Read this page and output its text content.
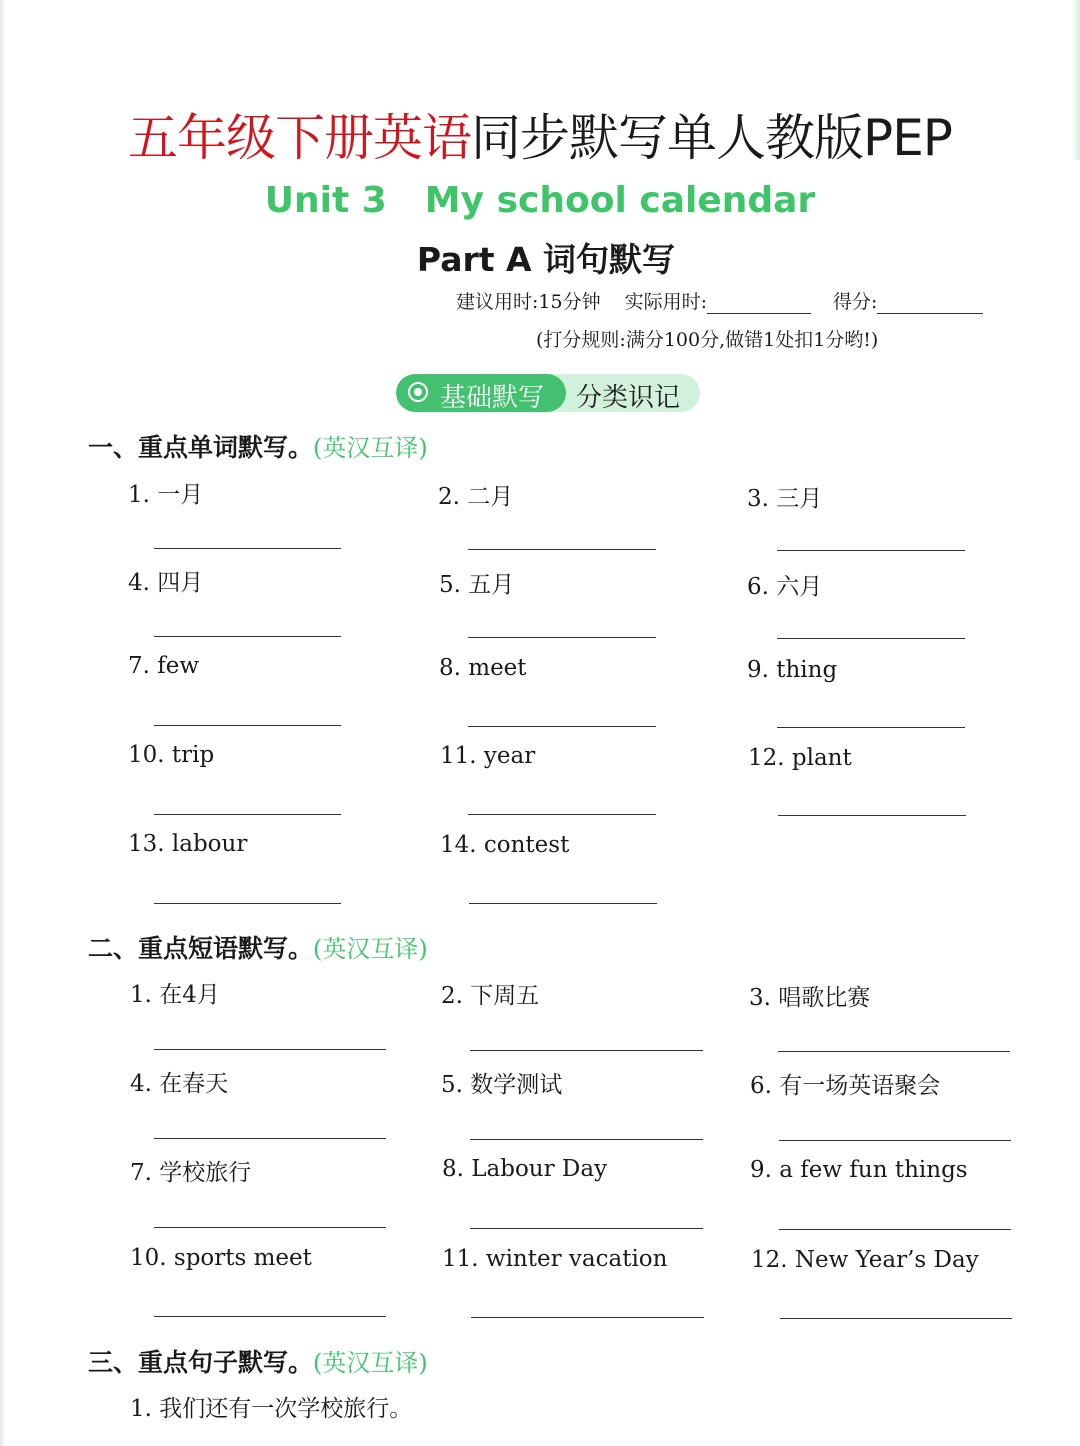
五年级下册英语同步默写单人教版PEP
Unit 3 My school calendar
Part A 词句默写
建议用时:15分钟 实际用时:	得分:
(打分规则:满分100分,做错1处扣1分哟!)
基础默写 分类识记
一、重点单词默写。(英汉互译)
1. 一月	2. 二月	3. 三月
4. 四月	5. 五月	6. 六月
7. few	8. meet	9. thing
10. trip	11. year	12. plant
13. labour	14. contest
二、重点短语默写。(英汉互译)
1. 在4月	2. 下周五	3. 唱歌比赛
4. 在春天	5. 数学测试	6. 有一场英语聚会
7. 学校旅行	8. Labour Day	9. a few fun things
10. sports meet	11. winter vacation	12. New Year’s Day
三、重点句子默写。(英汉互译)
1. 我们还有一次学校旅行。
